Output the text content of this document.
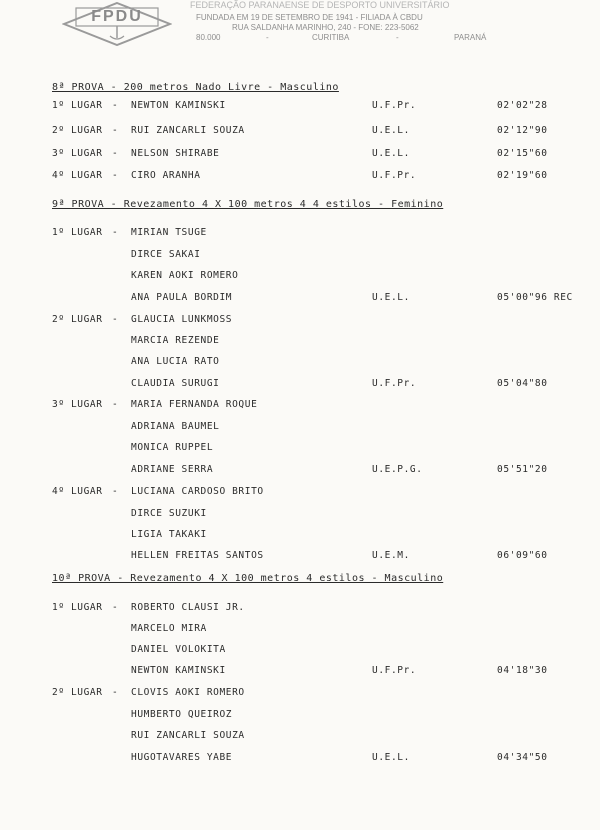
FPDU
FEDERAÇÃO PARANAENSE DE DESPORTO UNIVERSITÁRIO
FUNDADA EM 19 DE SETEMBRO DE 1941 - FILIADA À CBDU
RUA SALDANHA MARINHO, 240 - FONE: 223-5062
80.000	-	CURITIBA	-	PARANÁ
8ª PROVA - 200 metros Nado Livre - Masculino
1º LUGAR - NEWTON KAMINSKI	U.F.Pr.	02'02"28
2º LUGAR - RUI ZANCARLI SOUZA	U.E.L.	02'12"90
3º LUGAR - NELSON SHIRABE	U.E.L.	02'15"60
4º LUGAR - CIRO ARANHA	U.F.Pr.	02'19"60
9ª PROVA - Revezamento 4 X 100 metros 4 4 estilos - Feminino
1º LUGAR - MIRIAN TSUGE
DIRCE SAKAI
KAREN AOKI ROMERO
ANA PAULA BORDIM	U.E.L.	05'00"96 REC
2º LUGAR - GLAUCIA LUNKMOSS
MARCIA REZENDE
ANA LUCIA RATO
CLAUDIA SURUGI	U.F.Pr.	05'04"80
3º LUGAR - MARIA FERNANDA ROQUE
ADRIANA BAUMEL
MONICA RUPPEL
ADRIANE SERRA	U.E.P.G.	05'51"20
4º LUGAR - LUCIANA CARDOSO BRITO
DIRCE SUZUKI
LIGIA TAKAKI
HELLEN FREITAS SANTOS	U.E.M.	06'09"60
10ª PROVA - Revezamento 4 X 100 metros 4 estilos - Masculino
1º LUGAR - ROBERTO CLAUSI JR.
MARCELO MIRA
DANIEL VOLOKITA
NEWTON KAMINSKI	U.F.Pr.	04'18"30
2º LUGAR - CLOVIS AOKI ROMERO
HUMBERTO QUEIROZ
RUI ZANCARLI SOUZA
HUGOTAVARES YABE	U.E.L.	04'34"50
